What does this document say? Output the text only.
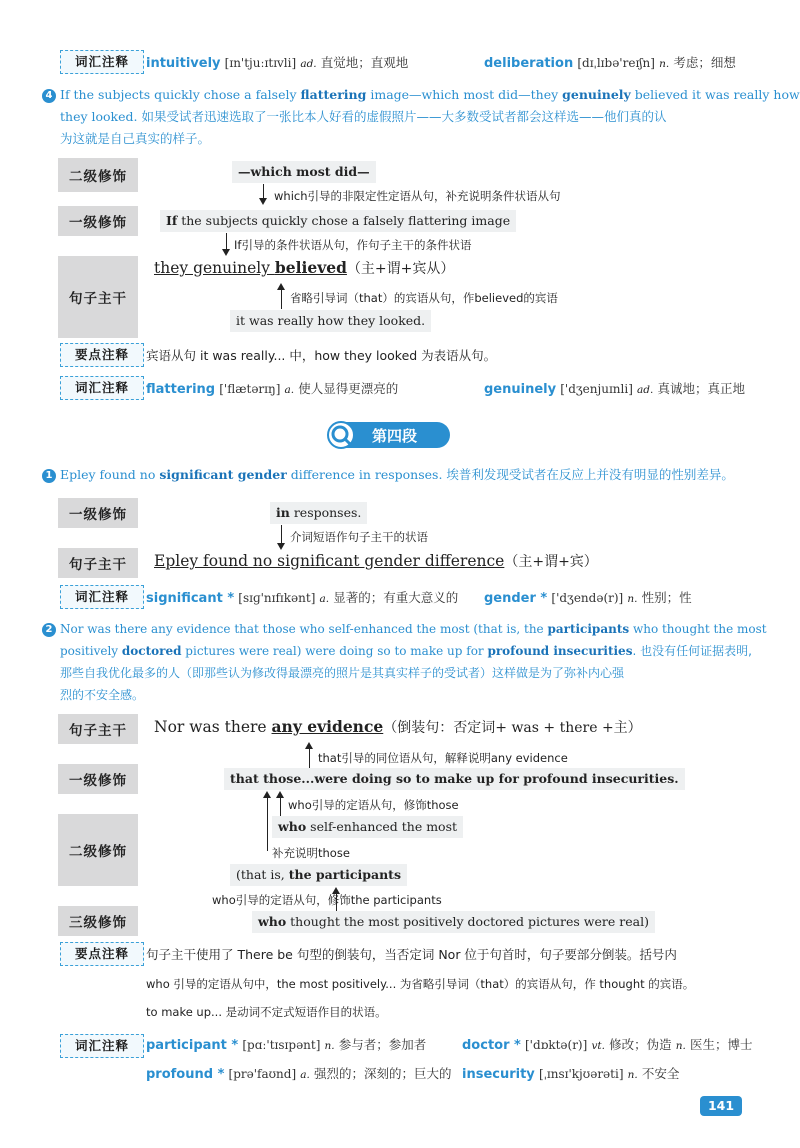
词汇注释	intuitively [ɪn'tjuːɪtɪvli] ad. 直觉地；直观地	deliberation [dɪˌlɪbə'reɪʃn] n. 考虑；细想
4 If the subjects quickly chose a falsely flattering image—which most did—they genuinely believed it was really how
they looked. 如果受试者迅速选取了一张比本人好看的虚假照片——大多数受试者都会这样选——他们真的认
为这就是自己真实的样子。
二级修饰
一级修饰
句子主干
—which most did—
which引导的非限定性定语从句，补充说明条件状语从句
If the subjects quickly chose a falsely flattering image
If引导的条件状语从句，作句子主干的条件状语
they genuinely believed（主+谓+宾从）
省略引导词（that）的宾语从句，作believed的宾语
it was really how they looked.
要点注释	宾语从句 it was really... 中，how they looked 为表语从句。
词汇注释	flattering ['flætərɪŋ] a. 使人显得更漂亮的	genuinely ['dʒenjuɪnli] ad. 真诚地；真正地
第四段
1 Epley found no significant gender difference in responses. 埃普利发现受试者在反应上并没有明显的性别差异。
一级修饰
句子主干
in responses.
介词短语作句子主干的状语
Epley found no significant gender difference（主+谓+宾）
词汇注释	significant * [sɪɡ'nɪfɪkənt] a. 显著的；有重大意义的 gender * ['dʒendə(r)] n. 性别；性
2 Nor was there any evidence that those who self-enhanced the most (that is, the participants who thought the most
positively doctored pictures were real) were doing so to make up for profound insecurities. 也没有任何证据表明,
那些自我优化最多的人（即那些认为修改得最漂亮的照片是其真实样子的受试者）这样做是为了弥补内心强
烈的不安全感。
句子主干
一级修饰
二级修饰
三级修饰
Nor was there any evidence（倒装句：否定词+ was + there +主）
that引导的同位语从句，解释说明any evidence
that those...were doing so to make up for profound insecurities.
who引导的定语从句，修饰those
who self-enhanced the most
补充说明those
(that is, the participants
who引导的定语从句，修饰the participants
who thought the most positively doctored pictures were real)
要点注释	句子主干使用了 There be 句型的倒装句，当否定词 Nor 位于句首时，句子要部分倒装。括号内
who 引导的定语从句中，the most positively... 为省略引导词（that）的宾语从句，作 thought 的宾语。
to make up... 是动词不定式短语作目的状语。
词汇注释	participant * [pɑː'tɪsɪpənt] n. 参与者；参加者	doctor * ['dɒktə(r)] vt. 修改；伪造 n. 医生；博士
profound * [prə'faʊnd] a. 强烈的；深刻的；巨大的 insecurity [ˌɪnsɪ'kjʊərəti] n. 不安全
141
